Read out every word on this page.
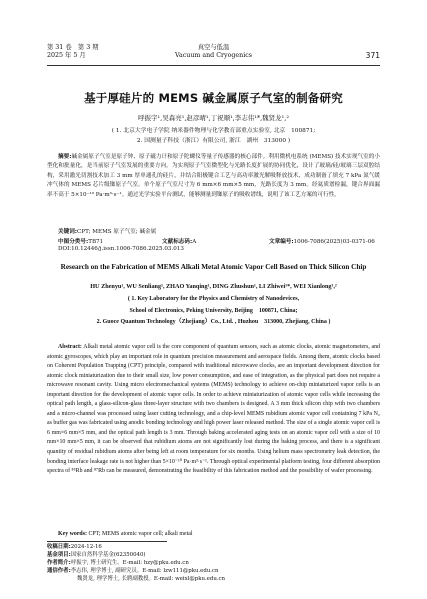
第 31 卷　第 3 期
2025 年 5 月
真空与低温
Vacuum and Cryogenics	371
基于厚硅片的 MEMS 碱金属原子气室的制备研究
呼振宇¹,吴森亮¹,赵彦晴¹,丁祝顺¹,李志伟¹*,魏贤龙¹,²
( 1. 北京大学电子学院 纳米器件物理与化学教育部重点实验室, 北京　100871;
2. 国测量子科技（浙江）有限公司, 浙江　湖州　313000 )
摘要:碱金属原子气室是原子钟、原子磁力计和原子陀螺仪等量子传感器的核心部件。利用微机电系统 (MEMS) 技术实现气室的小型化和批量化，是当前原子气室发展的重要方向。为实现原子气室微型化与光路长度扩展的协同优化，设计了玻璃/硅/玻璃三层双腔结构，采用激光切割技术加工 3 mm 厚单通孔的硅片，并结合阳极键合工艺与高功率激光解吸释放技术，成功制备了填充 7 kPa 氮气缓冲气体的 MEMS 芯片级铷原子气室。单个原子气室尺寸为 6 mm×6 mm×5 mm，光路长度为 3 mm。经氦质谱检漏，键合界面漏率不高于 5×10⁻¹⁰ Pa·m³·s⁻¹。通过光学实验平台测试，能够测量到铷原子的吸收谱线，说明了该工艺方案的可行性。
关键词:CPT; MEMS 原子气室; 碱金属
中图分类号:TB71	文献标志码:A	文章编号:1006-7086(2025)03-0371-06
DOI:10.12446/j.issn.1006-7086.2025.03.013
Research on the Fabrication of MEMS Alkali Metal Atomic Vapor Cell Based on Thick Silicon Chip
HU Zhenyu¹, WU Senliang¹, ZHAO Yanqing¹, DING Zhushun¹, LI Zhiwei¹*, WEI Xianlong¹,²
( 1. Key Laboratory for the Physics and Chemistry of Nanodevices,
School of Electronics, Peking University, Beijing　100871, China;
2. Guoce Quantum Technology（Zhejiang）Co., Ltd. , Huzhou　313000, Zhejiang, China )
Abstract: Alkali metal atomic vapor cell is the core component of quantum sensors, such as atomic clocks, atomic magnetometers, and atomic gyroscopes, which play an important role in quantum precision measurement and aerospace fields. Among them, atomic clocks based on Coherent Population Trapping (CPT) principle, compared with traditional microwave clocks, are an important development direction for atomic clock miniaturization due to their small size, low power consumption, and ease of integration, as the physical part does not require a microwave resonant cavity. Using micro electromechanical systems (MEMS) technology to achieve on-chip miniaturized vapor cells is an important direction for the development of atomic vapor cells. In order to achieve miniaturization of atomic vapor cells while increasing the optical path length, a glass-silicon-glass three-layer structure with two chambers is designed. A 3 mm thick silicon chip with two chambers and a micro-channel was processed using laser cutting technology, and a chip-level MEMS rubidium atomic vapor cell containing 7 kPa N₂ as buffer gas was fabricated using anodic bonding technology and high power laser released method. The size of a single atomic vapor cell is 6 mm×6 mm×5 mm, and the optical path length is 3 mm. Through baking accelerated aging tests on an atomic vapor cell with a size of 10 mm×10 mm×5 mm, it can be observed that rubidium atoms are not significantly lost during the baking process, and there is a significant quantity of residual rubidium atoms after being left at room temperature for six months. Using helium mass spectrometry leak detection, the bonding interface leakage rate is not higher than 5×10⁻¹⁰ Pa·m³·s⁻¹. Through optical experimental platform testing, four different absorption spectra of ⁸⁵Rb and ⁸⁷Rb can be measured, demonstrating the feasibility of this fabrication method and the possibility of wafer processing.
Key words: CPT; MEMS atomic vapor cell; alkali metal
收稿日期:2024-12-16
基金项目:国家自然科学基金(62350040)
作者简介:呼振宇, 博士研究生。E-mail: hzy@pku.edu.cn
通信作者:李志伟, 理学博士, 副研究员。E-mail: lzw111@pku.edu.cn
魏贤龙, 理学博士, 长聘副教授。E-mail: weixl@pku.edu.cn
